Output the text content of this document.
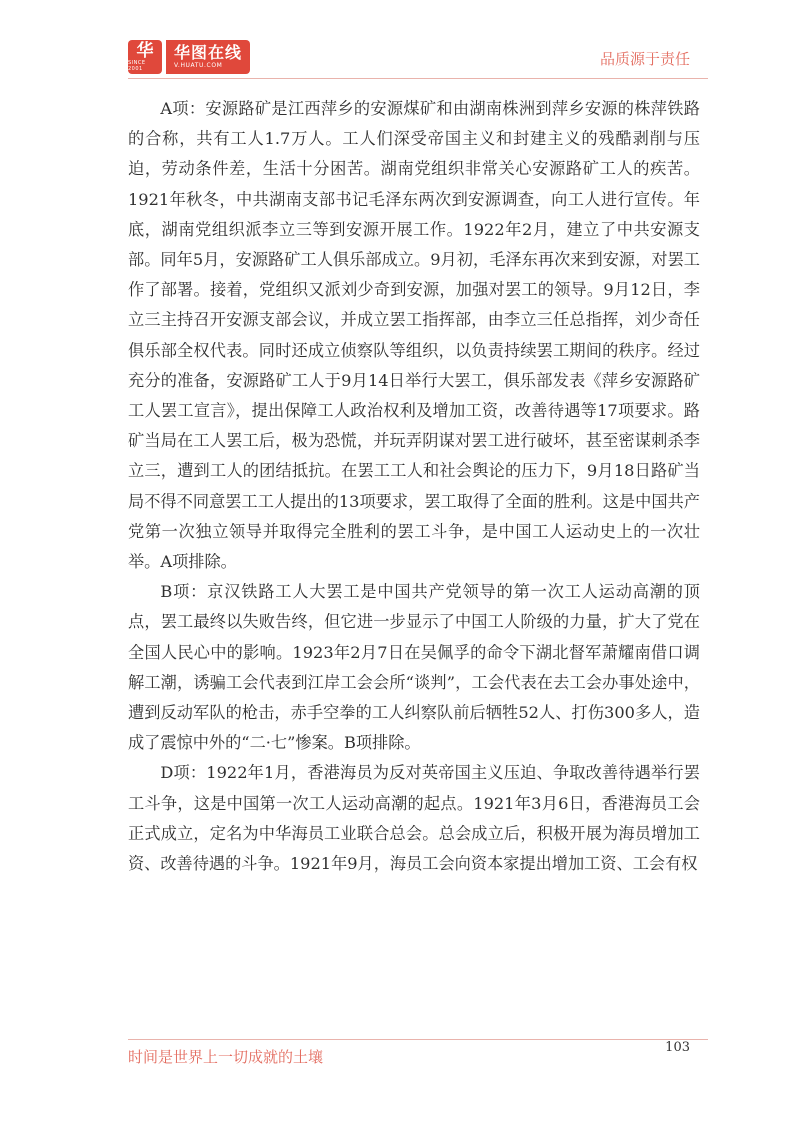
华
SINCE 2001
华图在线
V.HUATU.COM	品质源于责任

A项：安源路矿是江西萍乡的安源煤矿和由湖南株洲到萍乡安源的株萍铁路的合称，共有工人1.7万人。工人们深受帝国主义和封建主义的残酷剥削与压迫，劳动条件差，生活十分困苦。湖南党组织非常关心安源路矿工人的疾苦。1921年秋冬，中共湖南支部书记毛泽东两次到安源调查，向工人进行宣传。年底，湖南党组织派李立三等到安源开展工作。1922年2月，建立了中共安源支部。同年5月，安源路矿工人俱乐部成立。9月初，毛泽东再次来到安源，对罢工作了部署。接着，党组织又派刘少奇到安源，加强对罢工的领导。9月12日，李立三主持召开安源支部会议，并成立罢工指挥部，由李立三任总指挥，刘少奇任俱乐部全权代表。同时还成立侦察队等组织，以负责持续罢工期间的秩序。经过充分的准备，安源路矿工人于9月14日举行大罢工，俱乐部发表《萍乡安源路矿工人罢工宣言》，提出保障工人政治权利及增加工资，改善待遇等17项要求。路矿当局在工人罢工后，极为恐慌，并玩弄阴谋对罢工进行破坏，甚至密谋刺杀李立三，遭到工人的团结抵抗。在罢工工人和社会舆论的压力下，9月18日路矿当局不得不同意罢工工人提出的13项要求，罢工取得了全面的胜利。这是中国共产党第一次独立领导并取得完全胜利的罢工斗争，是中国工人运动史上的一次壮举。A项排除。

B项：京汉铁路工人大罢工是中国共产党领导的第一次工人运动高潮的顶点，罢工最终以失败告终，但它进一步显示了中国工人阶级的力量，扩大了党在全国人民心中的影响。1923年2月7日在吴佩孚的命令下湖北督军萧耀南借口调解工潮，诱骗工会代表到江岸工会会所“谈判”，工会代表在去工会办事处途中，遭到反动军队的枪击，赤手空拳的工人纠察队前后牺牲52人、打伤300多人，造成了震惊中外的“二·七”惨案。B项排除。

D项：1922年1月，香港海员为反对英帝国主义压迫、争取改善待遇举行罢工斗争，这是中国第一次工人运动高潮的起点。1921年3月6日，香港海员工会正式成立，定名为中华海员工业联合总会。总会成立后，积极开展为海员增加工资、改善待遇的斗争。1921年9月，海员工会向资本家提出增加工资、工会有权

时间是世界上一切成就的土壤
103
